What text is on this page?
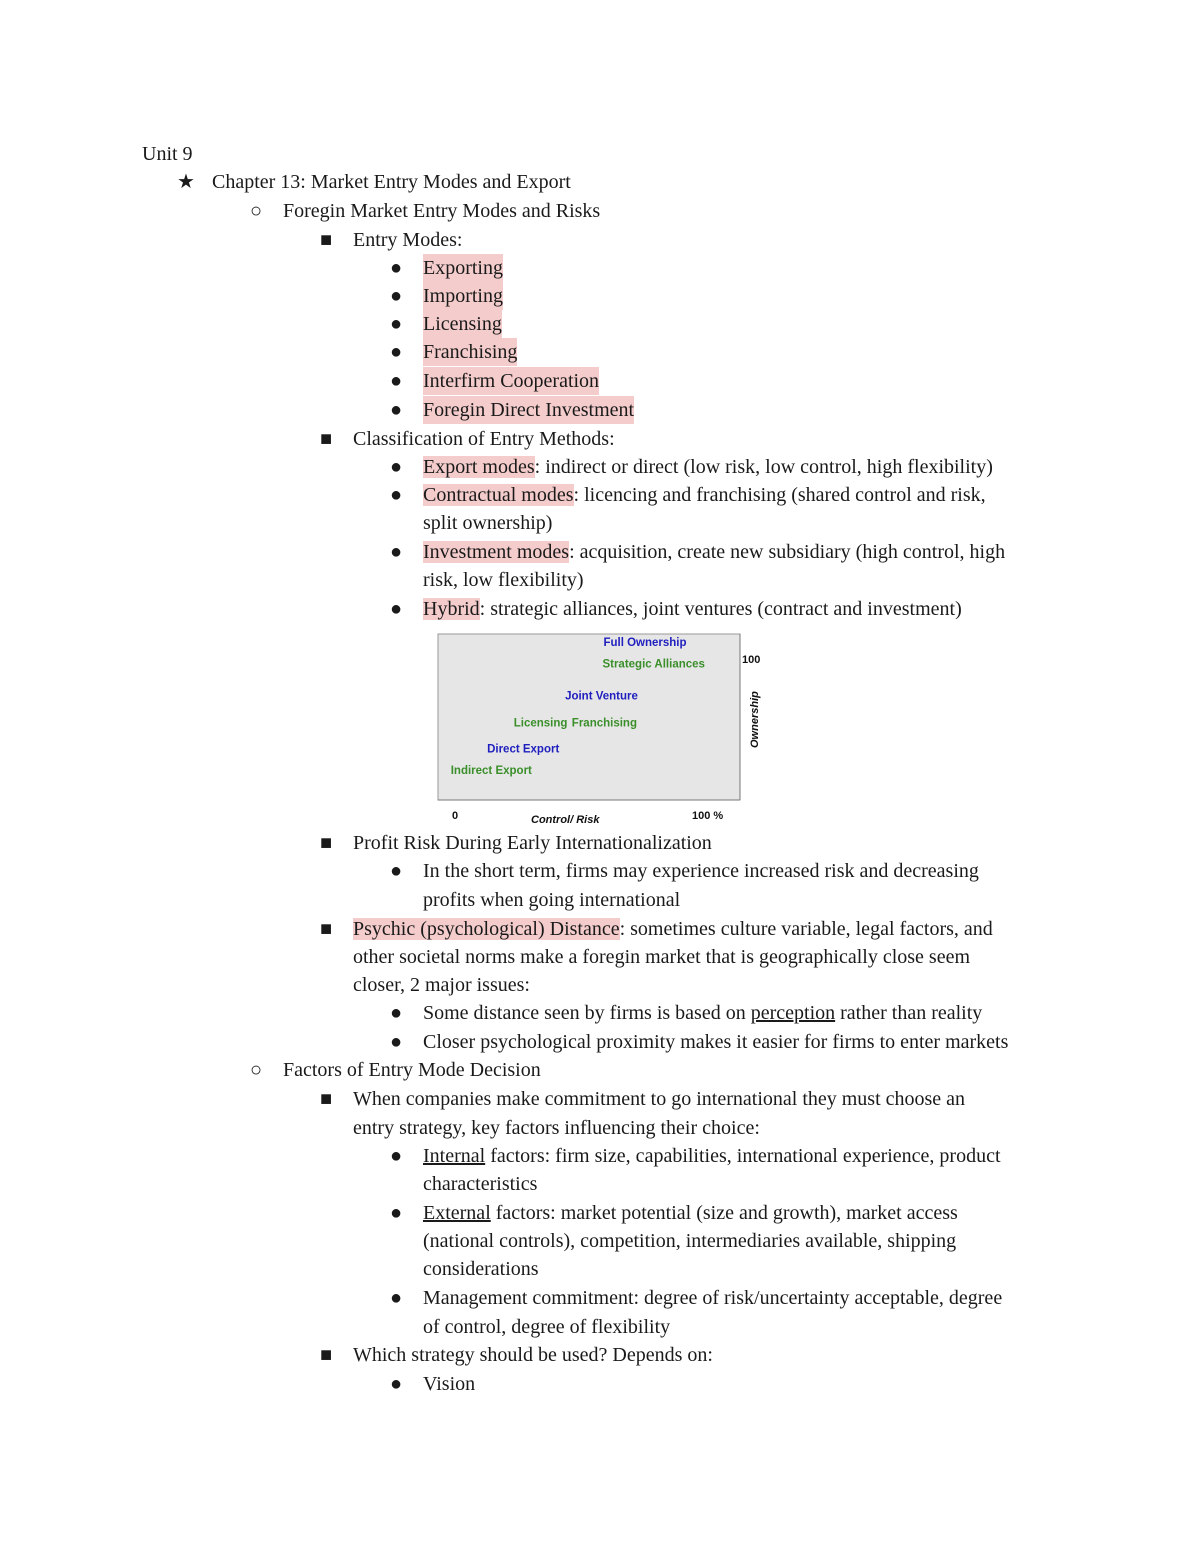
Unit 9
★ Chapter 13: Market Entry Modes and Export
○ Foregin Market Entry Modes and Risks
■ Entry Modes:
● Exporting
● Importing
● Licensing
● Franchising
● Interfirm Cooperation
● Foregin Direct Investment
■ Classification of Entry Methods:
● Export modes: indirect or direct (low risk, low control, high flexibility)
● Contractual modes: licencing and franchising (shared control and risk,
split ownership)
● Investment modes: acquisition, create new subsidiary (high control, high
risk, low flexibility)
● Hybrid: strategic alliances, joint ventures (contract and investment)
Full Ownership
Strategic Alliances
Joint Venture
Licensing Franchising
Direct Export
Indirect Export
0	100 %
100
Control/ Risk
Ownership
■ Profit Risk During Early Internationalization
● In the short term, firms may experience increased risk and decreasing
profits when going international
■ Psychic (psychological) Distance: sometimes culture variable, legal factors, and
other societal norms make a foregin market that is geographically close seem
closer, 2 major issues:
● Some distance seen by firms is based on perception rather than reality
● Closer psychological proximity makes it easier for firms to enter markets
○ Factors of Entry Mode Decision
■ When companies make commitment to go international they must choose an
entry strategy, key factors influencing their choice:
● Internal factors: firm size, capabilities, international experience, product
characteristics
● External factors: market potential (size and growth), market access
(national controls), competition, intermediaries available, shipping
considerations
● Management commitment: degree of risk/uncertainty acceptable, degree
of control, degree of flexibility
■ Which strategy should be used? Depends on:
● Vision
